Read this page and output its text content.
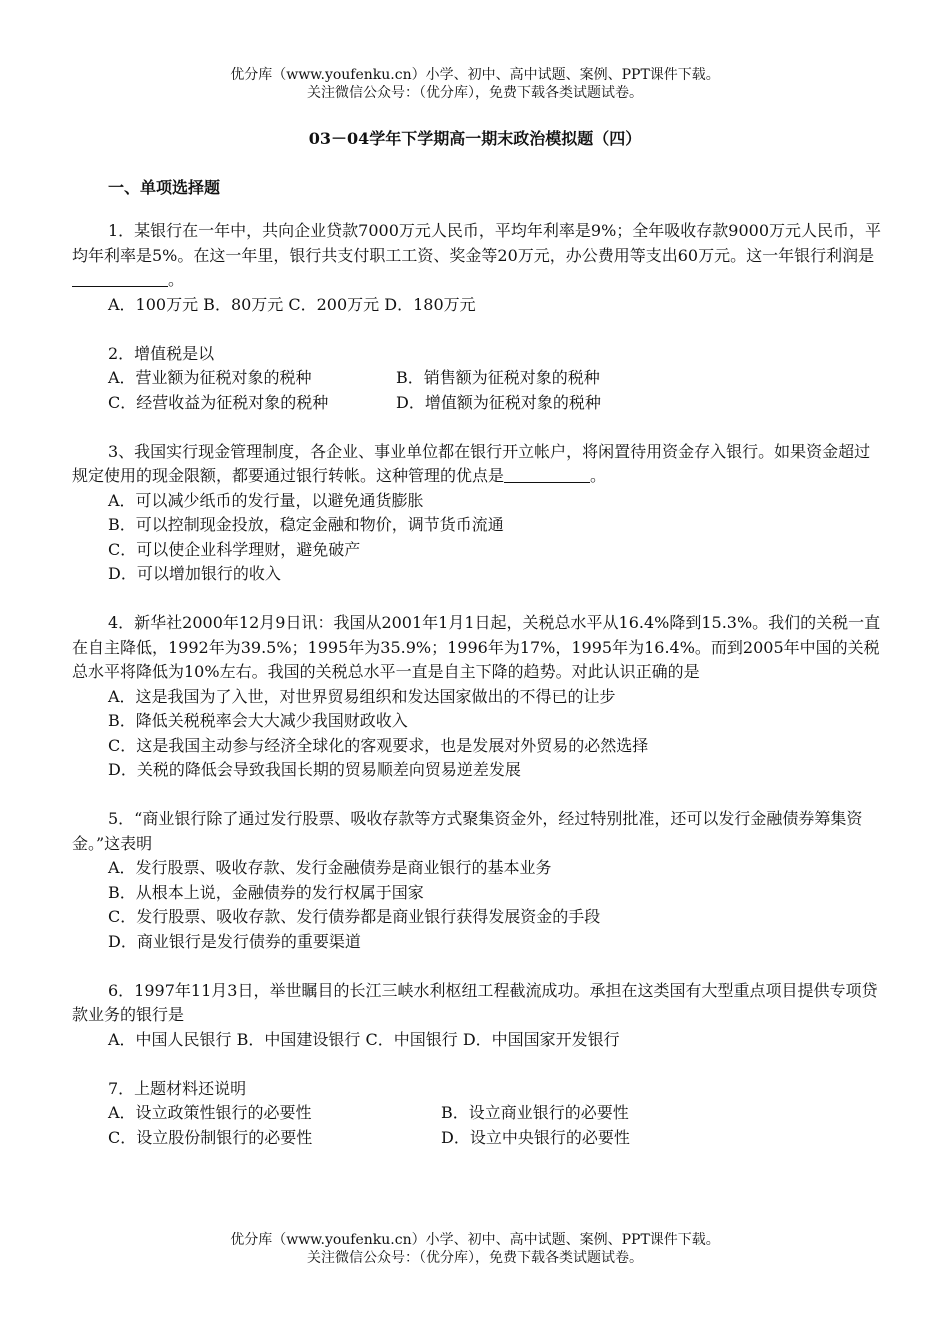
优分库（www.youfenku.cn）小学、初中、高中试题、案例、PPT课件下载。
关注微信公众号：（优分库），免费下载各类试题试卷。
03－04学年下学期高一期末政治模拟题（四）
一、单项选择题

1．某银行在一年中，共向企业贷款7000万元人民币，平均年利率是9%；全年吸收存款9000万元人民币，平均年利率是5%。在这一年里，银行共支付职工工资、奖金等20万元，办公费用等支出60万元。这一年银行利润是。

A．100万元 B．80万元 C．200万元 D．180万元

2．增值税是以

A．营业额为征税对象的税种	B．销售额为征税对象的税种
C．经营收益为征税对象的税种	D．增值额为征税对象的税种

3、我国实行现金管理制度，各企业、事业单位都在银行开立帐户，将闲置待用资金存入银行。如果资金超过规定使用的现金限额，都要通过银行转帐。这种管理的优点是	。

A．可以减少纸币的发行量，以避免通货膨胀

B．可以控制现金投放，稳定金融和物价，调节货币流通

C．可以使企业科学理财，避免破产

D．可以增加银行的收入

4．新华社2000年12月9日讯：我国从2001年1月1日起，关税总水平从16.4%降到15.3%。我们的关税一直在自主降低，1992年为39.5%；1995年为35.9%；1996年为17%，1995年为16.4%。而到2005年中国的关税总水平将降低为10%左右。我国的关税总水平一直是自主下降的趋势。对此认识正确的是

A．这是我国为了入世，对世界贸易组织和发达国家做出的不得已的让步

B．降低关税税率会大大减少我国财政收入

C．这是我国主动参与经济全球化的客观要求，也是发展对外贸易的必然选择

D．关税的降低会导致我国长期的贸易顺差向贸易逆差发展

5．“商业银行除了通过发行股票、吸收存款等方式聚集资金外，经过特别批准，还可以发行金融债券筹集资金。”这表明

A．发行股票、吸收存款、发行金融债券是商业银行的基本业务

B．从根本上说，金融债券的发行权属于国家

C．发行股票、吸收存款、发行债券都是商业银行获得发展资金的手段

D．商业银行是发行债券的重要渠道

6．1997年11月3日，举世瞩目的长江三峡水利枢纽工程截流成功。承担在这类国有大型重点项目提供专项贷款业务的银行是

A．中国人民银行 B．中国建设银行 C．中国银行 D．中国国家开发银行

7．上题材料还说明

A．设立政策性银行的必要性	B．设立商业银行的必要性
C．设立股份制银行的必要性	D．设立中央银行的必要性
优分库（www.youfenku.cn）小学、初中、高中试题、案例、PPT课件下载。
关注微信公众号：（优分库），免费下载各类试题试卷。
